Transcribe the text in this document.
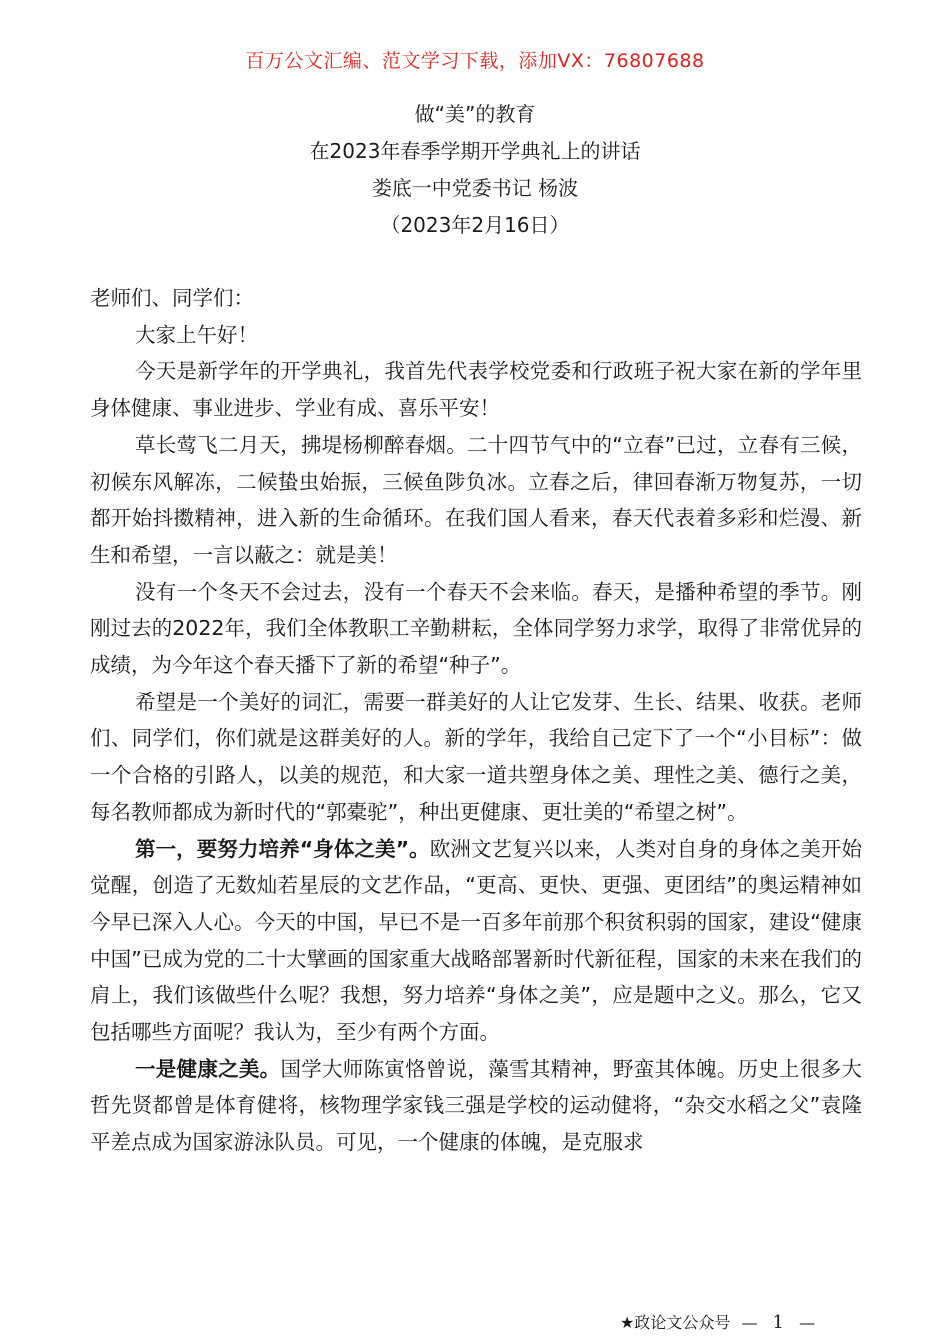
百万公文汇编、范文学习下载，添加VX：76807688
做“美”的教育
在2023年春季学期开学典礼上的讲话
娄底一中党委书记 杨波
（2023年2月16日）

老师们、同学们：

大家上午好！

今天是新学年的开学典礼，我首先代表学校党委和行政班子祝大家在新的学年里身体健康、事业进步、学业有成、喜乐平安！

草长莺飞二月天，拂堤杨柳醉春烟。二十四节气中的“立春”已过，立春有三候，初候东风解冻，二候蛰虫始振，三候鱼陟负冰。立春之后，律回春渐万物复苏，一切都开始抖擞精神，进入新的生命循环。在我们国人看来，春天代表着多彩和烂漫、新生和希望，一言以蔽之：就是美！

没有一个冬天不会过去，没有一个春天不会来临。春天，是播种希望的季节。刚刚过去的2022年，我们全体教职工辛勤耕耘，全体同学努力求学，取得了非常优异的成绩，为今年这个春天播下了新的希望“种子”。

希望是一个美好的词汇，需要一群美好的人让它发芽、生长、结果、收获。老师们、同学们，你们就是这群美好的人。新的学年，我给自己定下了一个“小目标”：做一个合格的引路人，以美的规范，和大家一道共塑身体之美、理性之美、德行之美，每名教师都成为新时代的“郭橐驼”，种出更健康、更壮美的“希望之树”。

第一，要努力培养“身体之美”。欧洲文艺复兴以来，人类对自身的身体之美开始觉醒，创造了无数灿若星辰的文艺作品，“更高、更快、更强、更团结”的奥运精神如今早已深入人心。今天的中国，早已不是一百多年前那个积贫积弱的国家，建设“健康中国”已成为党的二十大擘画的国家重大战略部署新时代新征程，国家的未来在我们的肩上，我们该做些什么呢？我想，努力培养“身体之美”，应是题中之义。那么，它又包括哪些方面呢？我认为，至少有两个方面。

一是健康之美。国学大师陈寅恪曾说，藻雪其精神，野蛮其体魄。历史上很多大哲先贤都曾是体育健将，核物理学家钱三强是学校的运动健将，“杂交水稻之父”袁隆平差点成为国家游泳队员。可见，一个健康的体魄，是克服求

★政论文公众号 — 1 —
